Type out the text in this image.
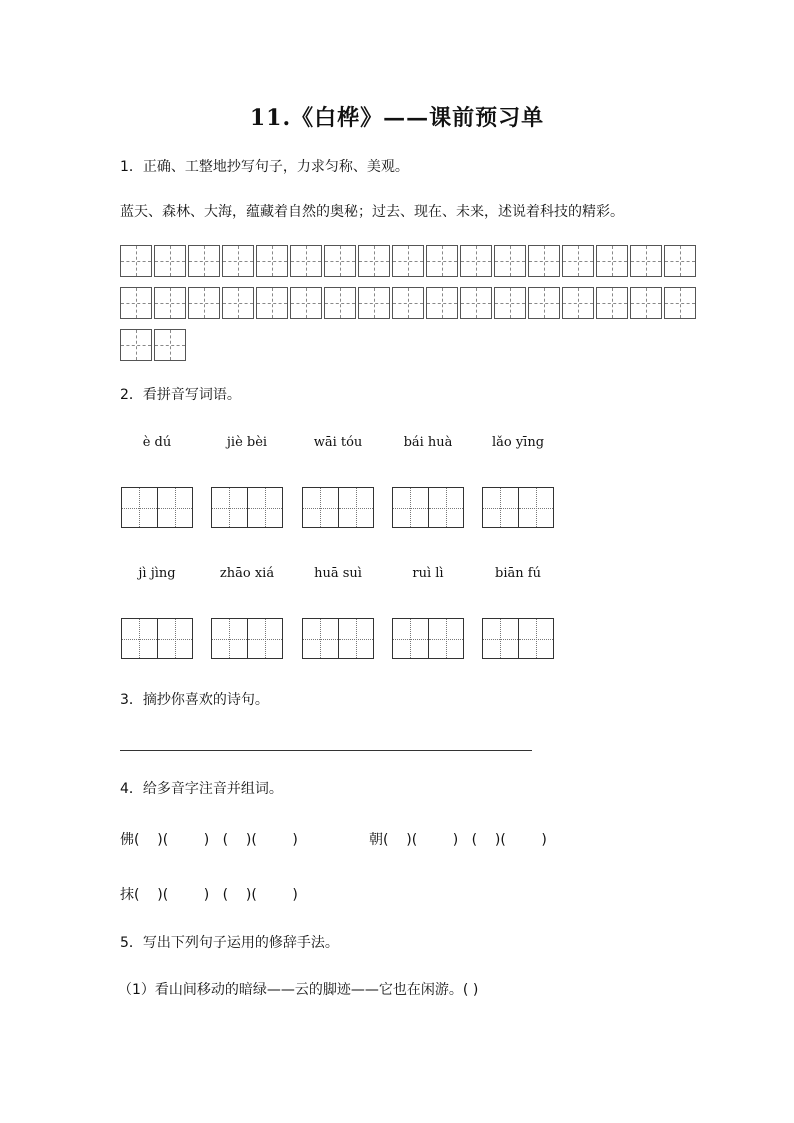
11.《白桦》——课前预习单
1．正确、工整地抄写句子，力求匀称、美观。
蓝天、森林、大海，蕴藏着自然的奥秘；过去、现在、未来，述说着科技的精彩。
2．看拼音写词语。
è dú	jiè bèi	wāi tóu	bái huà	lǎo yīng
jì jìng	zhāo xiá	huā suì	ruì lì	biān fú
3．摘抄你喜欢的诗句。
4．给多音字注音并组词。
佛(    )(        )   (    )(        )	朝(    )(        )   (    )(        )
抹(    )(        )   (    )(        )
5．写出下列句子运用的修辞手法。
（1）看山间移动的暗绿——云的脚迹——它也在闲游。( )
